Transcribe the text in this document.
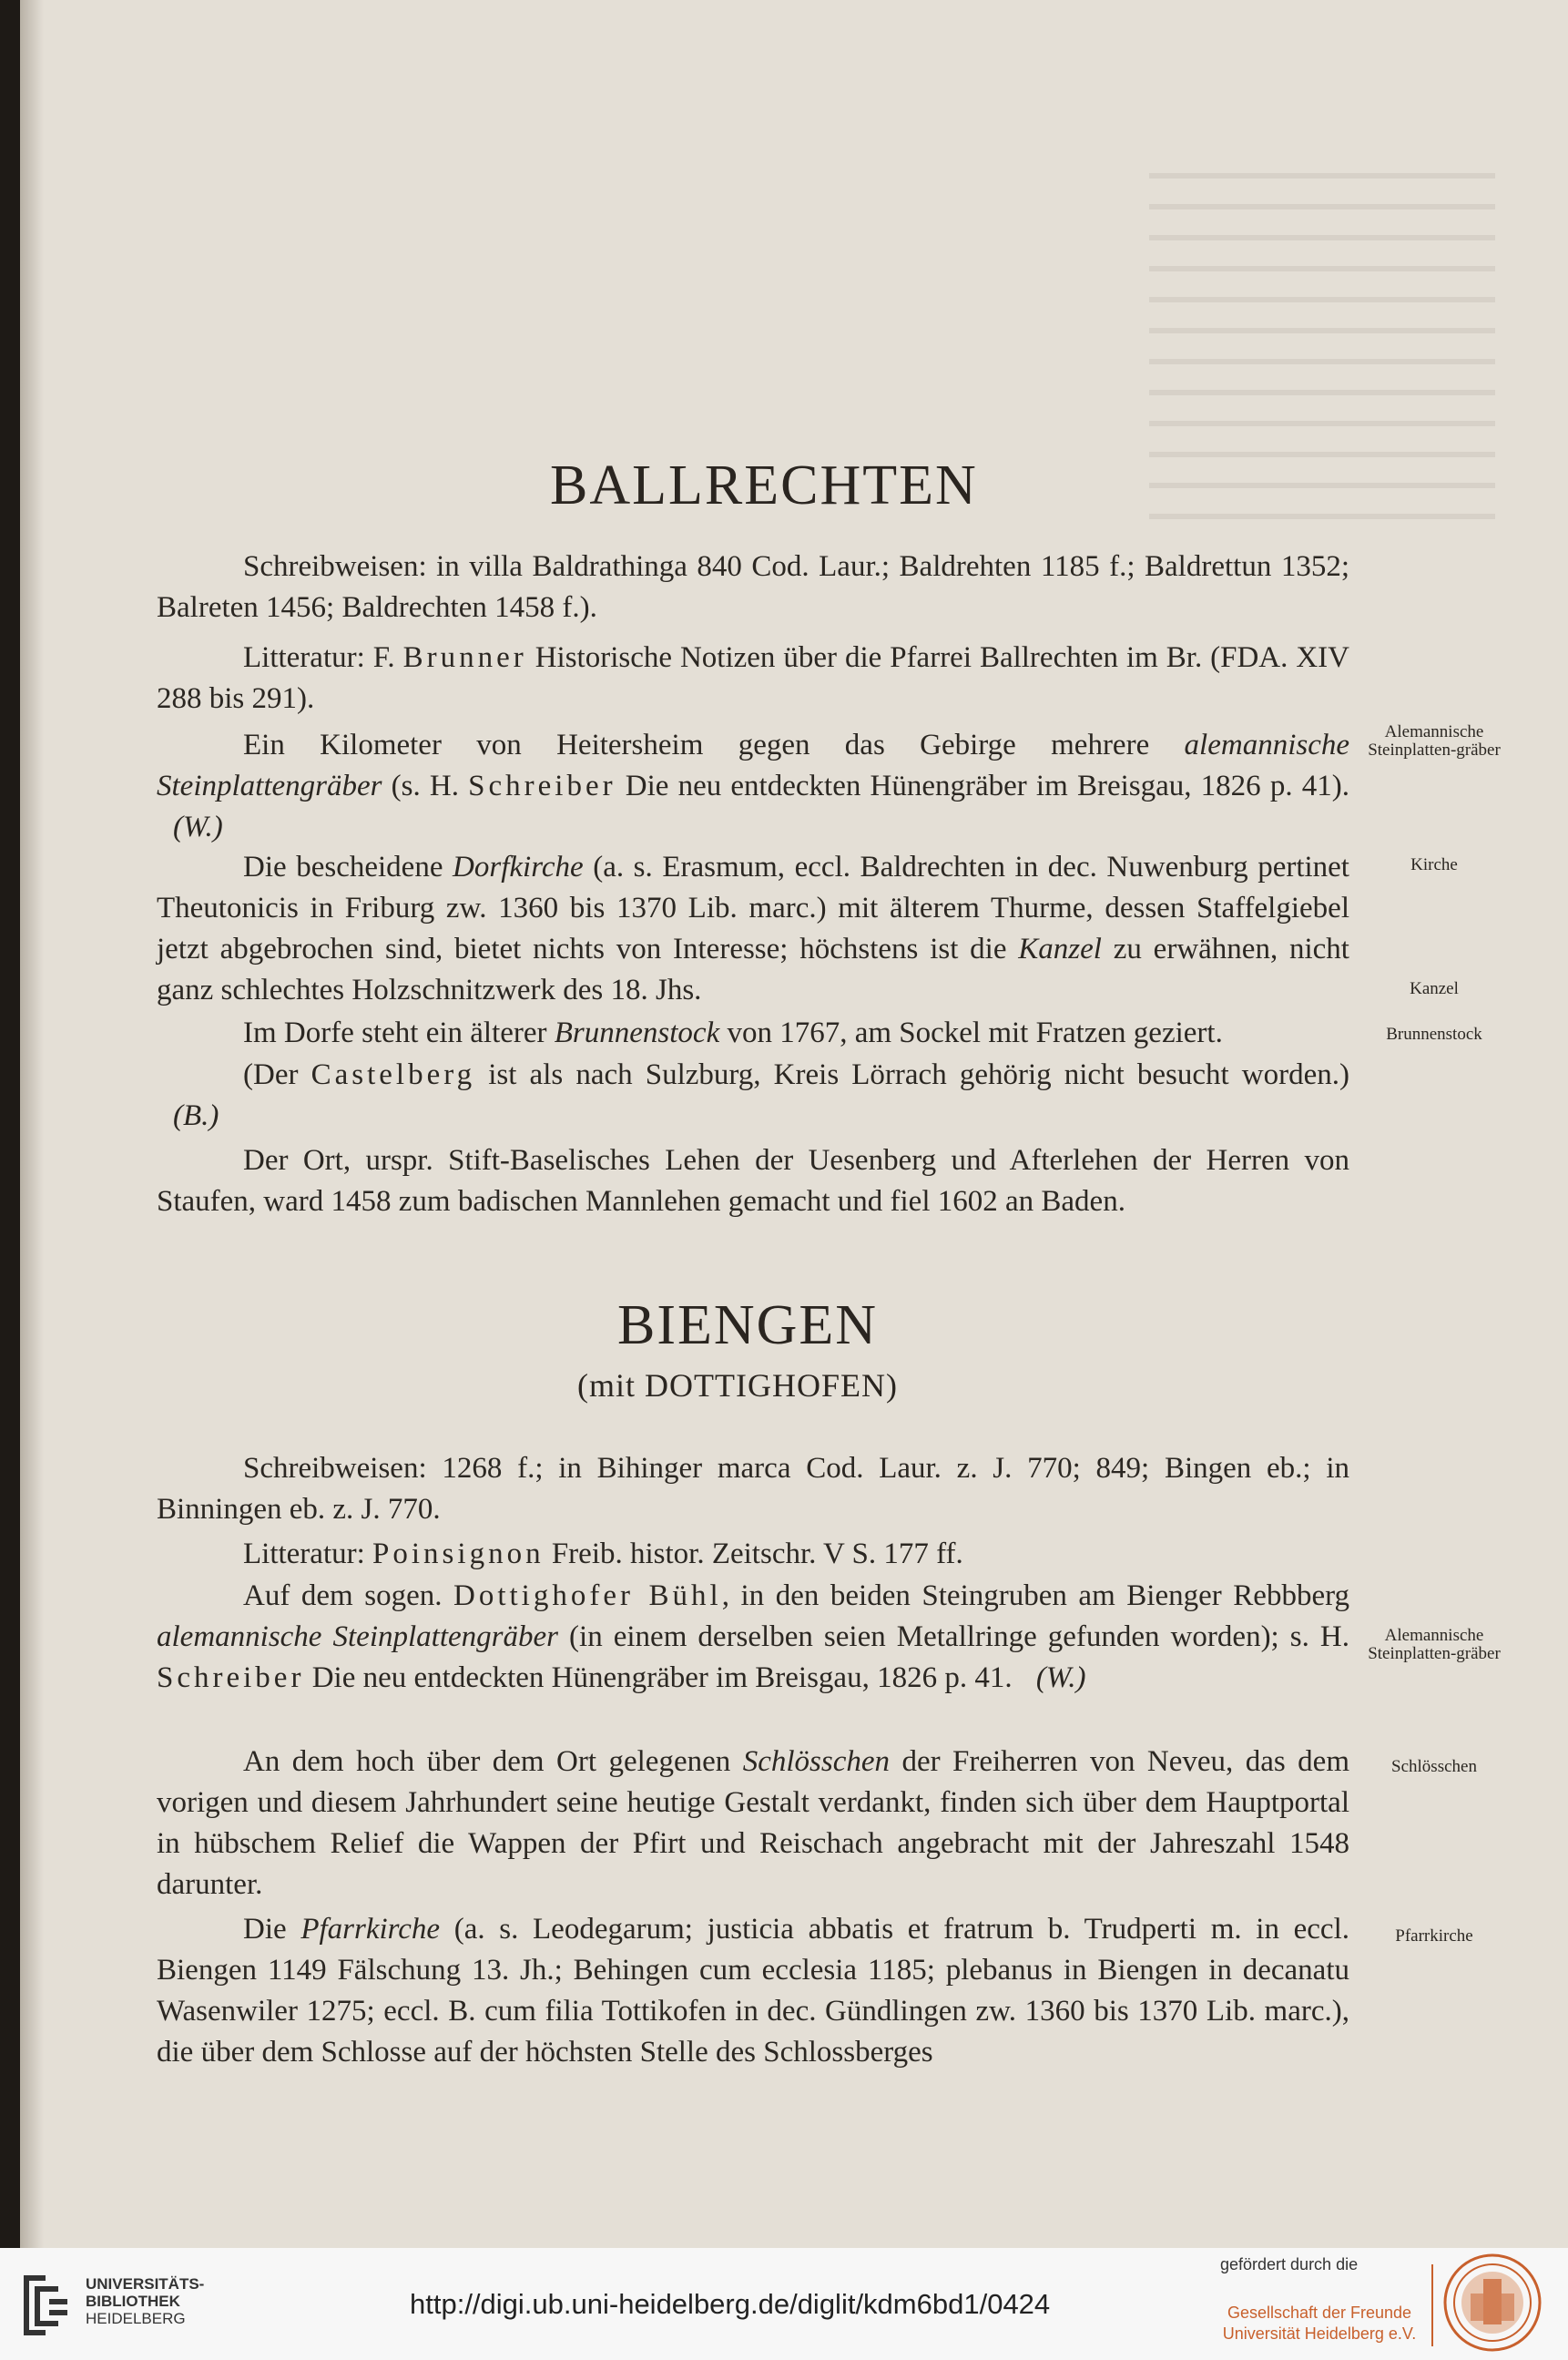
BALLRECHTEN
Schreibweisen: in villa Baldrathinga 840 Cod. Laur.; Baldrehten 1185 f.; Baldrettun 1352; Balreten 1456; Baldrechten 1458 f.).
Litteratur: F. Brunner Historische Notizen über die Pfarrei Ballrechten im Br. (FDA. XIV 288 bis 291).
Ein Kilometer von Heitersheim gegen das Gebirge mehrere alemannische Steinplattengräber (s. H. Schreiber Die neu entdeckten Hünengräber im Breisgau, 1826 p. 41). (W.)
Die bescheidene Dorfkirche (a. s. Erasmum, eccl. Baldrechten in dec. Nuwenburg pertinet Theutonicis in Friburg zw. 1360 bis 1370 Lib. marc.) mit älterem Thurme, dessen Staffelgiebel jetzt abgebrochen sind, bietet nichts von Interesse; höchstens ist die Kanzel zu erwähnen, nicht ganz schlechtes Holzschnitzwerk des 18. Jhs.
Im Dorfe steht ein älterer Brunnenstock von 1767, am Sockel mit Fratzen geziert.
(Der Castelberg ist als nach Sulzburg, Kreis Lörrach gehörig nicht besucht worden.) (B.)
Der Ort, urspr. Stift-Baselisches Lehen der Uesenberg und Afterlehen der Herren von Staufen, ward 1458 zum badischen Mannlehen gemacht und fiel 1602 an Baden.
Alemannische Steinplatten-gräber
Kirche
Kanzel
Brunnenstock
BIENGEN
(mit DOTTIGHOFEN)
Schreibweisen: 1268 f.; in Bihinger marca Cod. Laur. z. J. 770; 849; Bingen eb.; in Binningen eb. z. J. 770.
Litteratur: Poinsignon Freib. histor. Zeitschr. V S. 177 ff.
Auf dem sogen. Dottighofer Bühl, in den beiden Steingruben am Bienger Rebbberg alemannische Steinplattengräber (in einem derselben seien Metallringe gefunden worden); s. H. Schreiber Die neu entdeckten Hünengräber im Breisgau, 1826 p. 41. (W.)
An dem hoch über dem Ort gelegenen Schlösschen der Freiherren von Neveu, das dem vorigen und diesem Jahrhundert seine heutige Gestalt verdankt, finden sich über dem Hauptportal in hübschem Relief die Wappen der Pfirt und Reischach angebracht mit der Jahreszahl 1548 darunter.
Die Pfarrkirche (a. s. Leodegarum; justicia abbatis et fratrum b. Trudperti m. in eccl. Biengen 1149 Fälschung 13. Jh.; Behingen cum ecclesia 1185; plebanus in Biengen in decanatu Wasenwiler 1275; eccl. B. cum filia Tottikofen in dec. Gündlingen zw. 1360 bis 1370 Lib. marc.), die über dem Schlosse auf der höchsten Stelle des Schlossberges
Alemannische Steinplatten-gräber
Schlösschen
Pfarrkirche
UNIVERSITÄTS-
BIBLIOTHEK
HEIDELBERG	http://digi.ub.uni-heidelberg.de/diglit/kdm6bd1/0424
gefördert durch die
Gesellschaft der Freunde
Universität Heidelberg e.V.
